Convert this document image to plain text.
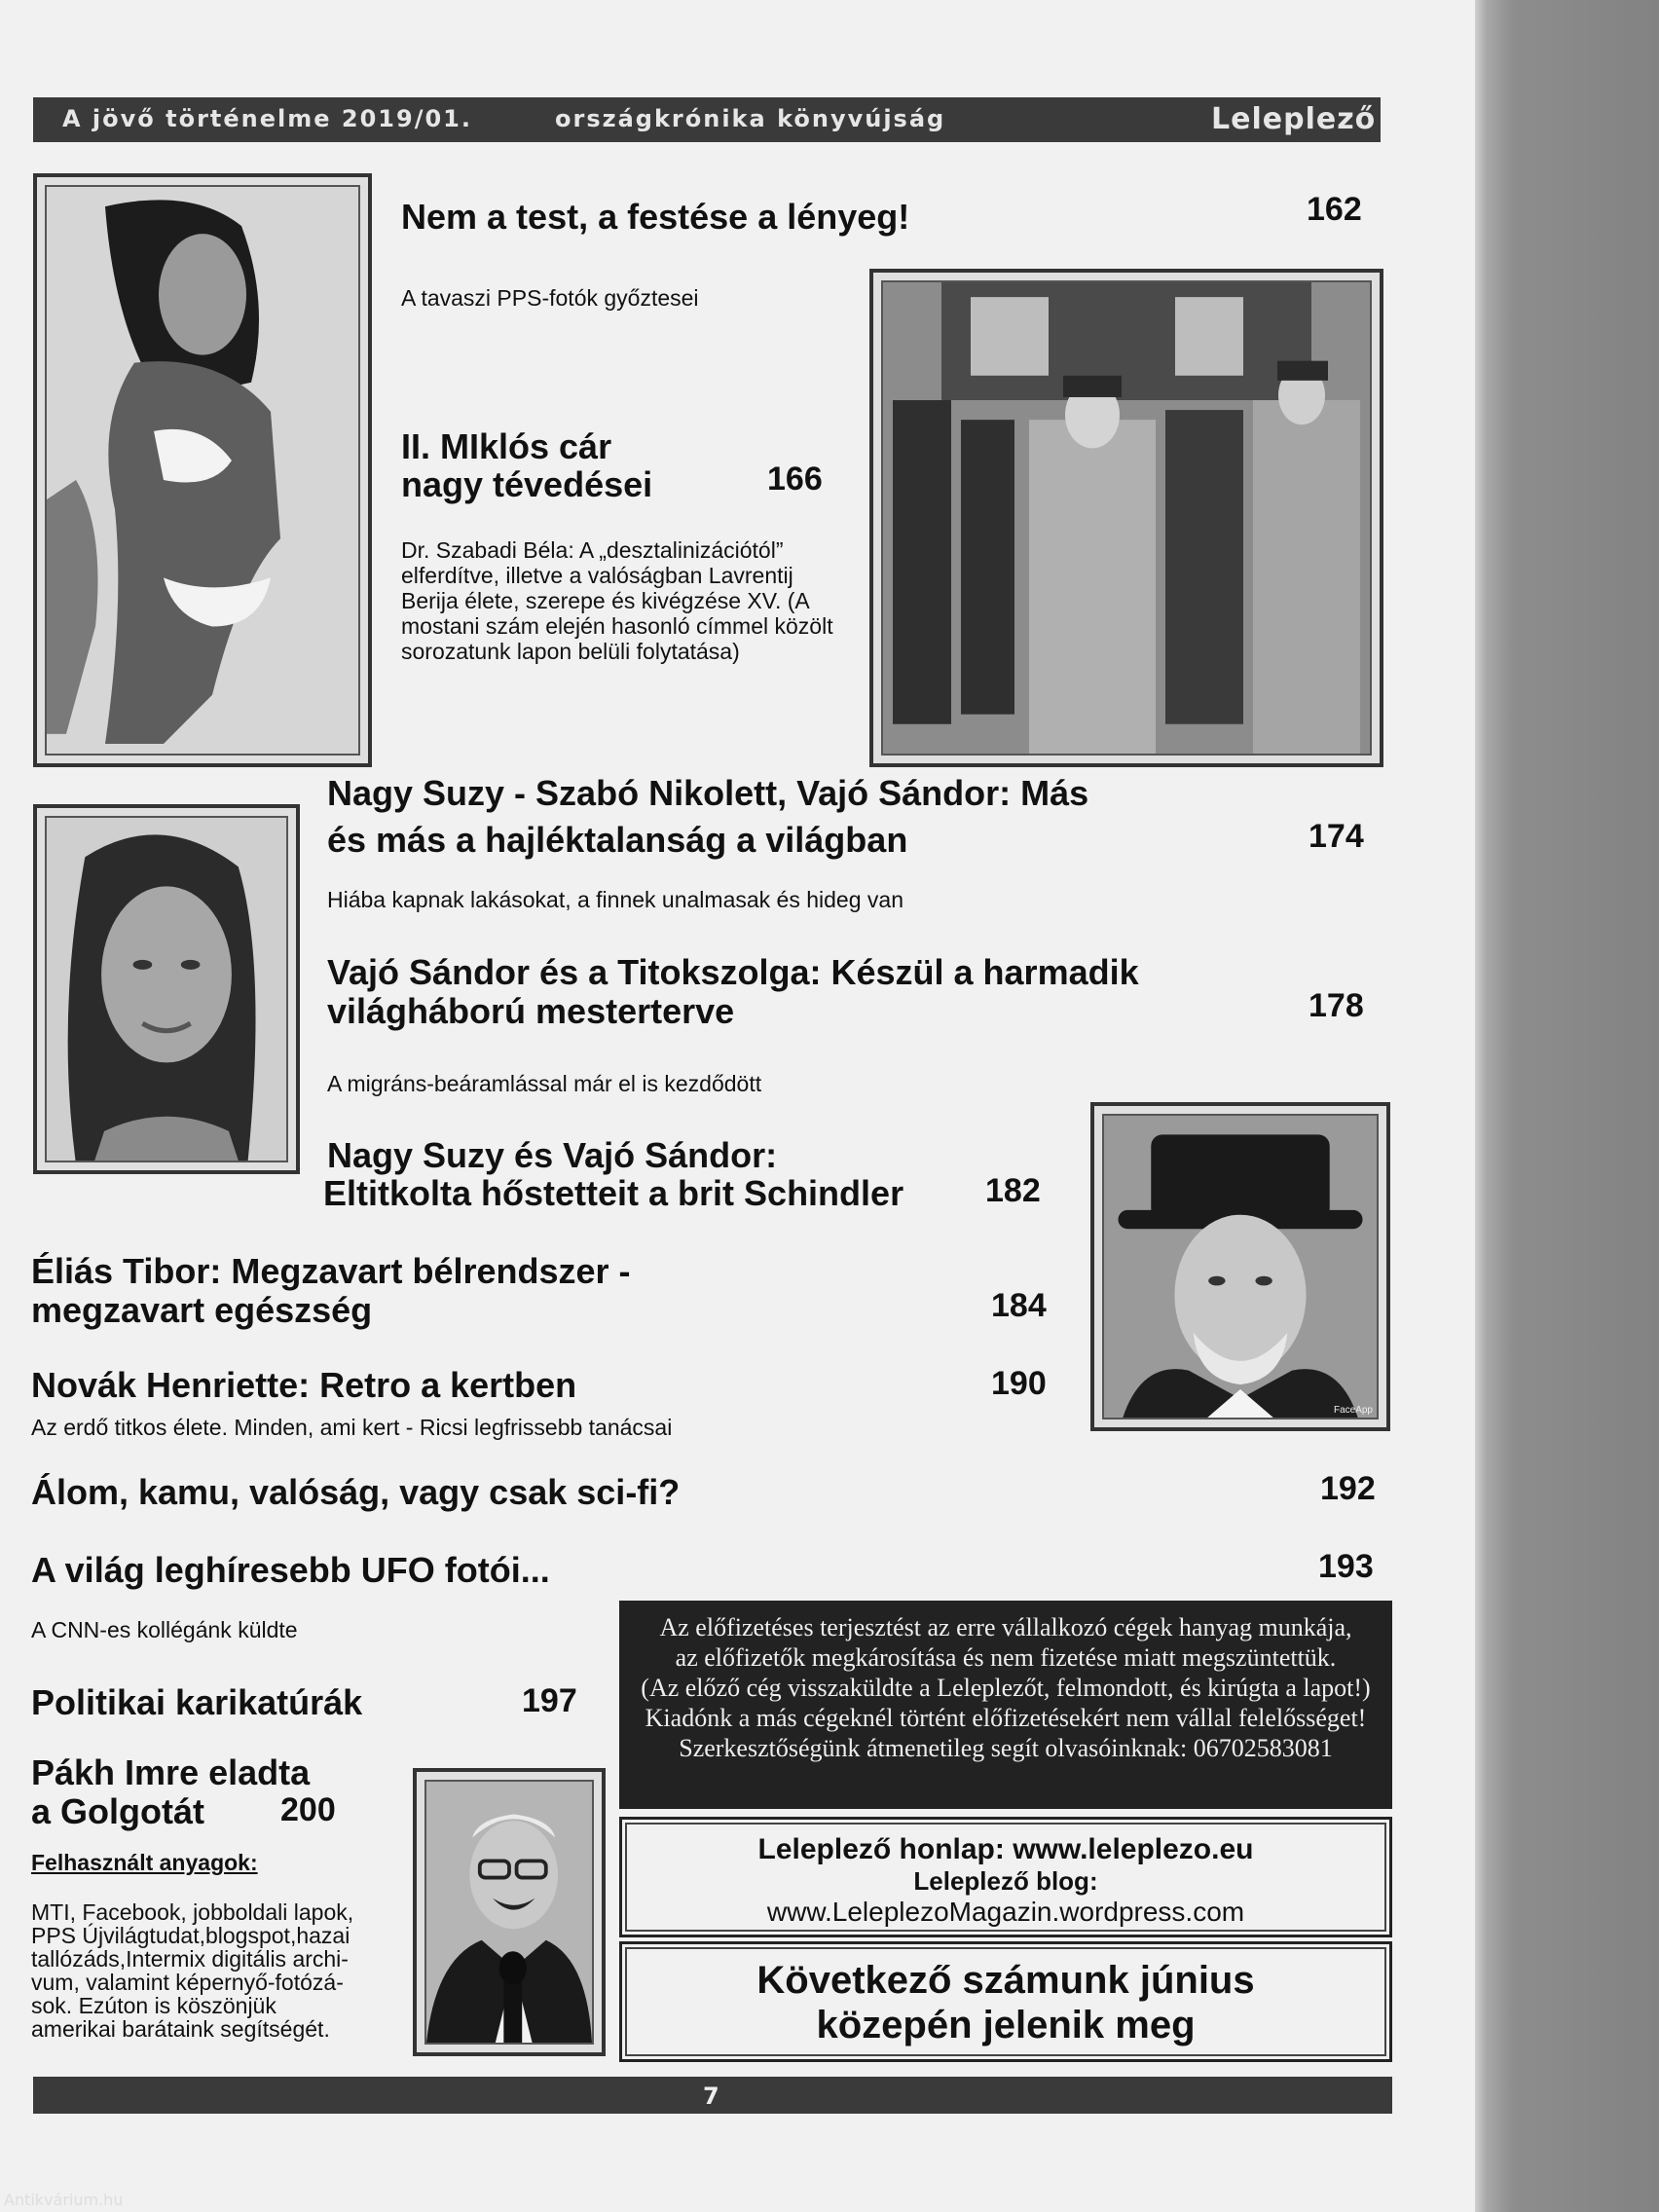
A jövő történelme 2019/01.	országkrónika könyvújság	Leleplező
Nem a test, a festése a lényeg!	162

A tavaszi PPS-fotók győztesei

II. MIklós cár
nagy tévedései	166

Dr. Szabadi Béla: A „desztalinizációtól” elferdítve, illetve a valóságban Lavrentij Berija élete, szerepe és kivégzése XV. (A mostani szám elején hasonló címmel közölt sorozatunk lapon belüli folytatása)

Nagy Suzy - Szabó Nikolett, Vajó Sándor: Más
és más a hajléktalanság a világban	174

Hiába kapnak lakásokat, a finnek unalmasak és hideg van

Vajó Sándor és a Titokszolga: Készül a harmadik
világháború mesterterve	178

A migráns-beáramlással már el is kezdődött

FaceApp
Nagy Suzy és Vajó Sándor:
Eltitkolta hőstetteit a brit Schindler 182
Éliás Tibor: Megzavart bélrendszer -
megzavart egészség	184
Novák Henriette: Retro a kertben	190

Az erdő titkos élete. Minden, ami kert - Ricsi legfrissebb tanácsai

Álom, kamu, valóság, vagy csak sci-fi?	192
A világ leghíresebb UFO fotói...	193

A CNN-es kollégánk küldte	Az előfizetéses terjesztést az erre vállalkozó cégek hanyag munkája,
az előfizetők megkárosítása és nem fizetése miatt megszüntettük.
(Az előző cég visszaküldte a Leleplezőt, felmondott, és kirúgta a lapot!)
Kiadónk a más cégeknél történt előfizetésekért nem vállal felelősséget!
Szerkesztőségünk átmenetileg segít olvasóinknak: 06702583081
Politikai karikatúrák	197
Pákh Imre eladta
a Golgotát 200
Felhasznált anyagok:
MTI, Facebook, jobboldali lapok,
PPS Újvilágtudat,blogspot,hazai
tallózáds,Intermix digitális archi-
vum, valamint képernyő-fotózá-
sok. Ezúton is köszönjük
amerikai barátaink segítségét.
Leleplező honlap: www.leleplezo.eu
Leleplező blog:
www.LeleplezoMagazin.wordpress.com
Következő számunk június
közepén jelenik meg
7
Antikvárium.hu
